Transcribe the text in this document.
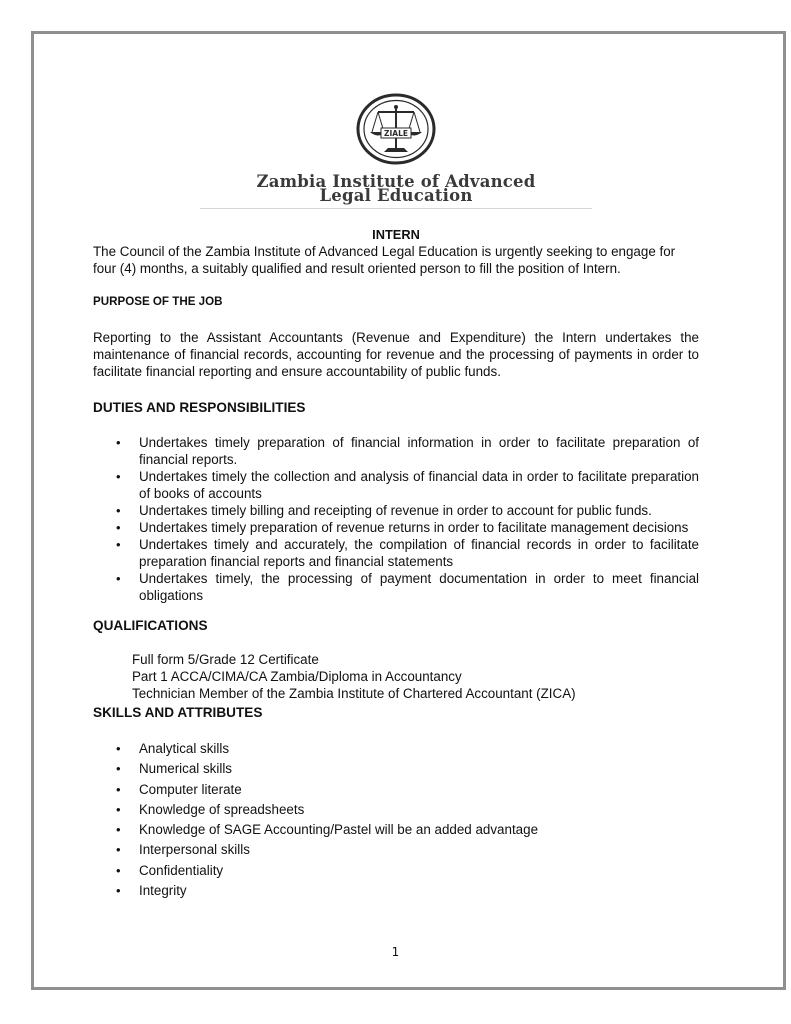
ZIALE
Zambia Institute of Advanced
Legal Education
INTERN

The Council of the Zambia Institute of Advanced Legal Education is urgently seeking to engage for four (4) months, a suitably qualified and result oriented person to fill the position of Intern.

PURPOSE OF THE JOB

Reporting to the Assistant Accountants (Revenue and Expenditure) the Intern undertakes the maintenance of financial records, accounting for revenue and the processing of payments in order to facilitate financial reporting and ensure accountability of public funds.

DUTIES AND RESPONSIBILITIES
• Undertakes timely preparation of financial information in order to facilitate preparation of financial reports.
• Undertakes timely the collection and analysis of financial data in order to facilitate preparation of books of accounts
• Undertakes timely billing and receipting of revenue in order to account for public funds.
• Undertakes timely preparation of revenue returns in order to facilitate management decisions
• Undertakes timely and accurately, the compilation of financial records in order to facilitate preparation financial reports and financial statements
• Undertakes timely, the processing of payment documentation in order to meet financial obligations
QUALIFICATIONS
Full form 5/Grade 12 Certificate
Part 1 ACCA/CIMA/CA Zambia/Diploma in Accountancy
Technician Member of the Zambia Institute of Chartered Accountant (ZICA)
SKILLS AND ATTRIBUTES
• Analytical skills
• Numerical skills
• Computer literate
• Knowledge of spreadsheets
• Knowledge of SAGE Accounting/Pastel will be an added advantage
• Interpersonal skills
• Confidentiality
• Integrity
1
